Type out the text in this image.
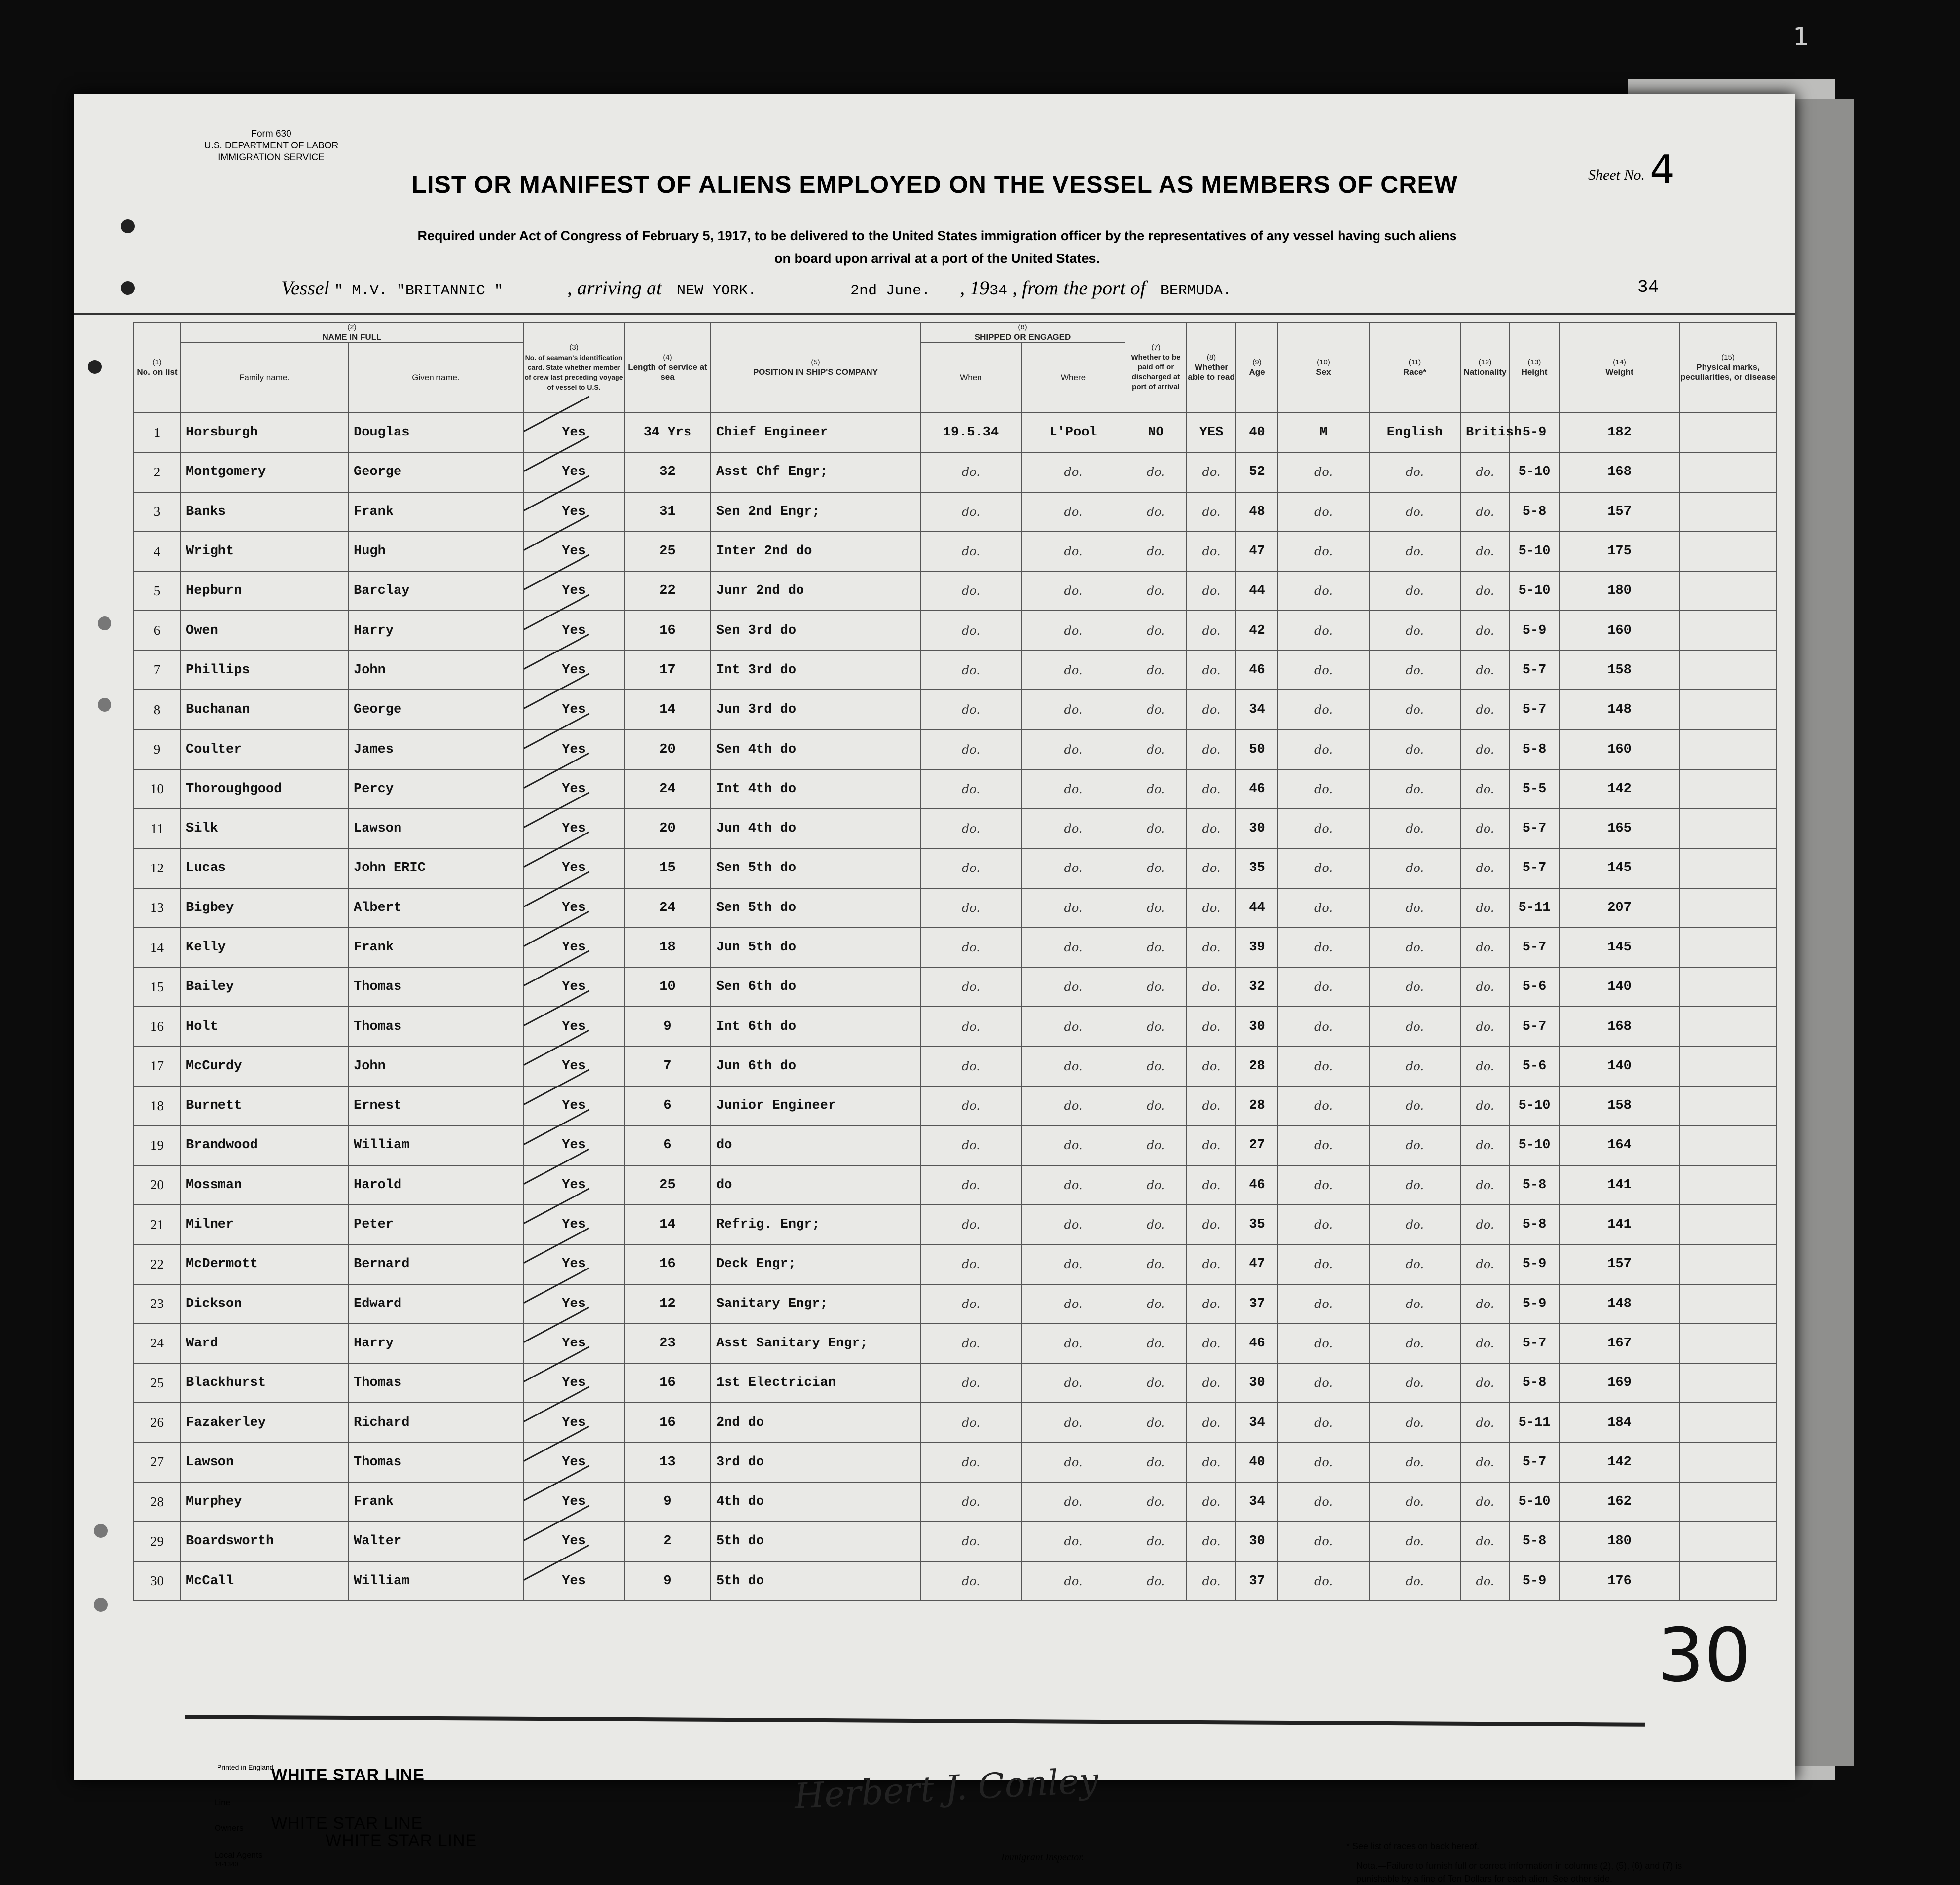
1
Form 630
U.S. DEPARTMENT OF LABOR
IMMIGRATION SERVICE
Sheet No. 4
LIST OR MANIFEST OF ALIENS EMPLOYED ON THE VESSEL AS MEMBERS OF CREW
Required under Act of Congress of February 5, 1917, to be delivered to the United States immigration officer by the representatives of any vessel having such aliens
on board upon arrival at a port of the United States.
Vessel " M.V. "BRITANNIC "	, arriving at NEW YORK.	2nd June. , 1934 , from the port of BERMUDA.	34
(1)
No. on list	(2)
NAME IN FULL		(3)
No. of seaman's identification card. State whether member of crew last preceding voyage of vessel to U.S.	(4)
Length of service at sea	(5)
POSITION IN SHIP'S COMPANY	(6)
SHIPPED OR ENGAGED		(7)
Whether to be paid off or discharged at port of arrival	(8)
Whether able to read	(9)
Age	(10)
Sex	(11)
Race*	(12)
Nationality	(13)
Height	(14)
Weight	(15)
Physical marks, peculiarities, or disease	
	Family name.	Given name.				When	Where										
1	Horsburgh	Douglas	Yes	34 Yrs	Chief Engineer	19.5.34	L'Pool	NO	YES	40	M	English	British	5-9	182		
2	Montgomery	George	Yes	32	Asst Chf Engr;	do.	do.	do.	do.	52	do.	do.	do.	5-10	168		
3	Banks	Frank	Yes	31	Sen 2nd Engr;	do.	do.	do.	do.	48	do.	do.	do.	5-8	157		
4	Wright	Hugh	Yes	25	Inter 2nd do	do.	do.	do.	do.	47	do.	do.	do.	5-10	175		
5	Hepburn	Barclay	Yes	22	Junr 2nd do	do.	do.	do.	do.	44	do.	do.	do.	5-10	180		
6	Owen	Harry	Yes	16	Sen 3rd do	do.	do.	do.	do.	42	do.	do.	do.	5-9	160		
7	Phillips	John	Yes	17	Int 3rd do	do.	do.	do.	do.	46	do.	do.	do.	5-7	158		
8	Buchanan	George	Yes	14	Jun 3rd do	do.	do.	do.	do.	34	do.	do.	do.	5-7	148		
9	Coulter	James	Yes	20	Sen 4th do	do.	do.	do.	do.	50	do.	do.	do.	5-8	160		
10	Thoroughgood	Percy	Yes	24	Int 4th do	do.	do.	do.	do.	46	do.	do.	do.	5-5	142		
11	Silk	Lawson	Yes	20	Jun 4th do	do.	do.	do.	do.	30	do.	do.	do.	5-7	165		
12	Lucas	John ERIC	Yes	15	Sen 5th do	do.	do.	do.	do.	35	do.	do.	do.	5-7	145		
13	Bigbey	Albert	Yes	24	Sen 5th do	do.	do.	do.	do.	44	do.	do.	do.	5-11	207		
14	Kelly	Frank	Yes	18	Jun 5th do	do.	do.	do.	do.	39	do.	do.	do.	5-7	145		
15	Bailey	Thomas	Yes	10	Sen 6th do	do.	do.	do.	do.	32	do.	do.	do.	5-6	140		
16	Holt	Thomas	Yes	9	Int 6th do	do.	do.	do.	do.	30	do.	do.	do.	5-7	168		
17	McCurdy	John	Yes	7	Jun 6th do	do.	do.	do.	do.	28	do.	do.	do.	5-6	140		
18	Burnett	Ernest	Yes	6	Junior Engineer	do.	do.	do.	do.	28	do.	do.	do.	5-10	158		
19	Brandwood	William	Yes	6	do	do.	do.	do.	do.	27	do.	do.	do.	5-10	164		
20	Mossman	Harold	Yes	25	do	do.	do.	do.	do.	46	do.	do.	do.	5-8	141		
21	Milner	Peter	Yes	14	Refrig. Engr;	do.	do.	do.	do.	35	do.	do.	do.	5-8	141		
22	McDermott	Bernard	Yes	16	Deck Engr;	do.	do.	do.	do.	47	do.	do.	do.	5-9	157		
23	Dickson	Edward	Yes	12	Sanitary Engr;	do.	do.	do.	do.	37	do.	do.	do.	5-9	148		
24	Ward	Harry	Yes	23	Asst Sanitary Engr;	do.	do.	do.	do.	46	do.	do.	do.	5-7	167		
25	Blackhurst	Thomas	Yes	16	1st Electrician	do.	do.	do.	do.	30	do.	do.	do.	5-8	169		
26	Fazakerley	Richard	Yes	16	2nd do	do.	do.	do.	do.	34	do.	do.	do.	5-11	184		
27	Lawson	Thomas	Yes	13	3rd do	do.	do.	do.	do.	40	do.	do.	do.	5-7	142		
28	Murphey	Frank	Yes	9	4th do	do.	do.	do.	do.	34	do.	do.	do.	5-10	162		
29	Boardsworth	Walter	Yes	2	5th do	do.	do.	do.	do.	30	do.	do.	do.	5-8	180		
30	McCall	William	Yes	9	5th do	do.	do.	do.	do.	37	do.	do.	do.	5-9	176		
30
Printed in England
WHITE STAR LINE
Line
Owners WHITE STAR LINE
WHITE STAR LINE
Local Agents
14-1340
Herbert J. Conley
Immigrant Inspector.
* See list of races on back hereof.
Nota.—Failure to furnish full or correct information in columns (2), (5), (6) and (7) is punishable by a fine of Ten Dollars for each alien. See other side.
